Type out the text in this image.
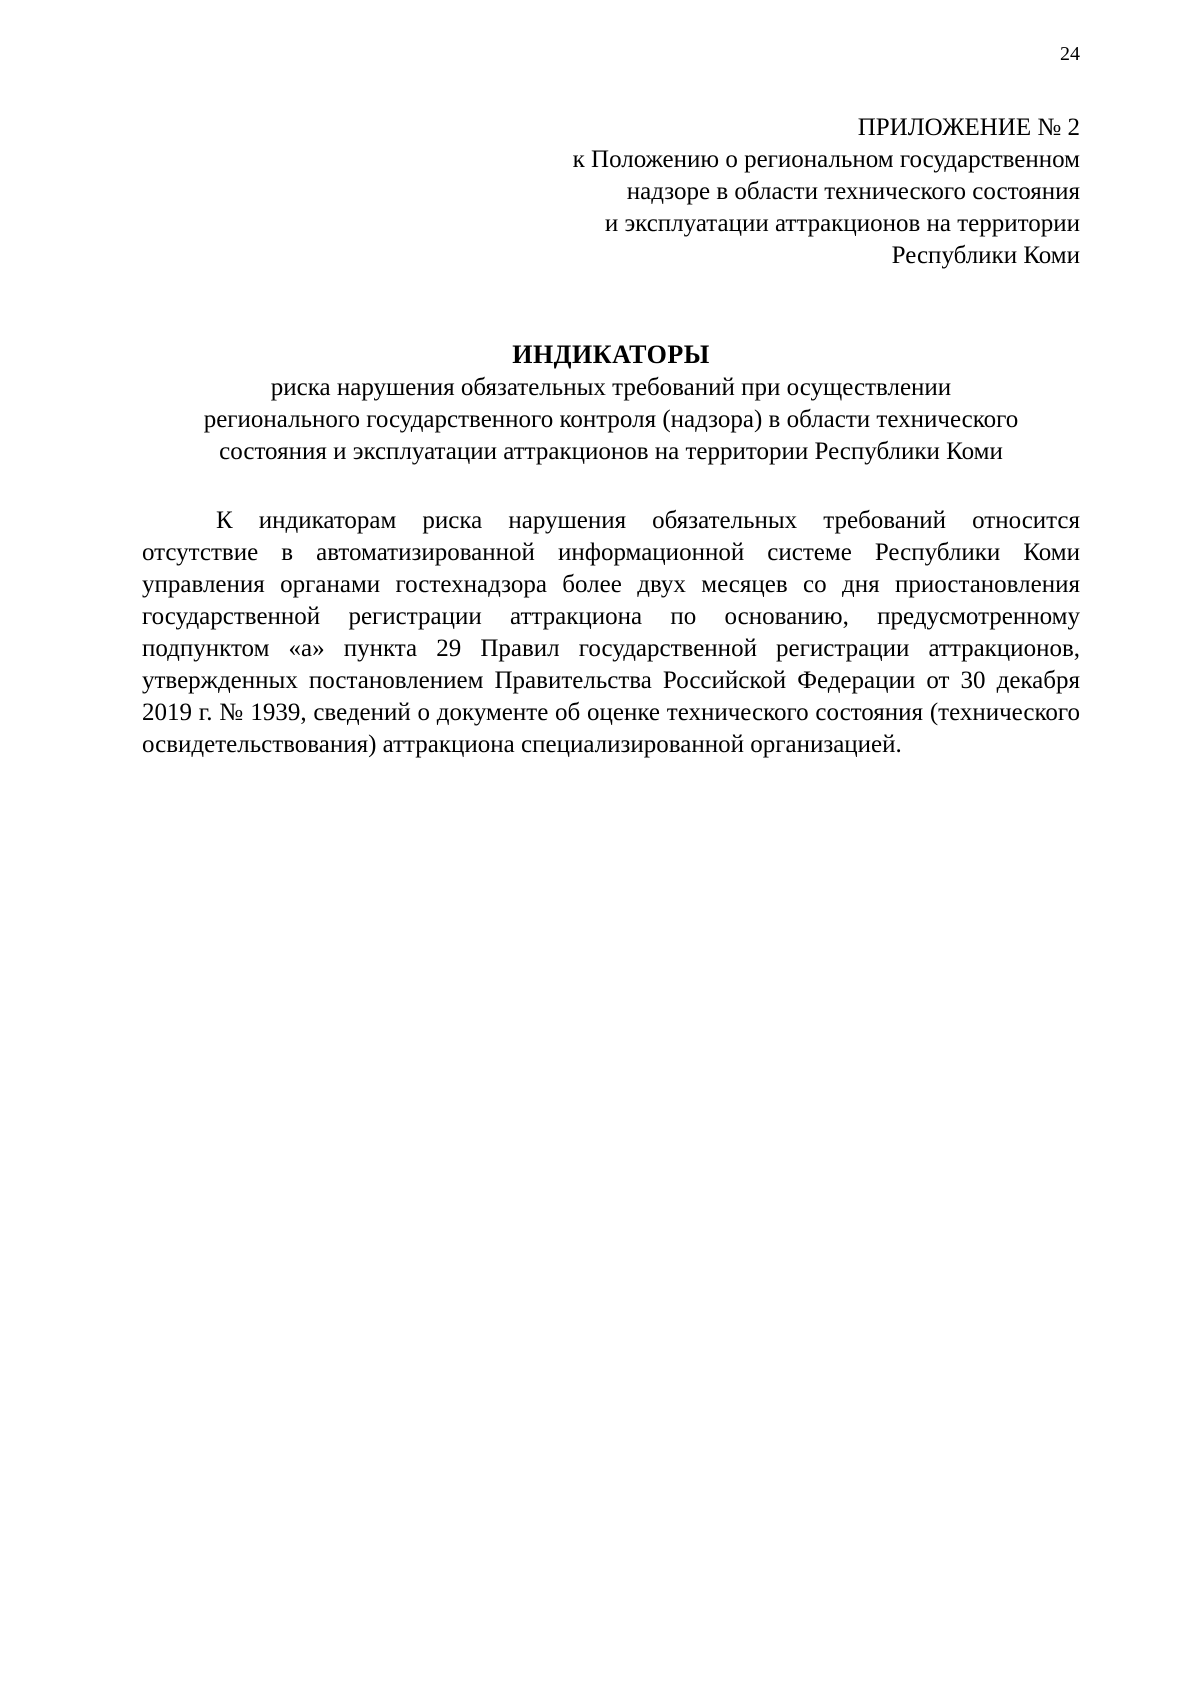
24
ПРИЛОЖЕНИЕ № 2
к Положению о региональном государственном
надзоре в области технического состояния
и эксплуатации аттракционов на территории
Республики Коми
ИНДИКАТОРЫ
риска нарушения обязательных требований при осуществлении
регионального государственного контроля (надзора) в области технического
состояния и эксплуатации аттракционов на территории Республики Коми

К индикаторам риска нарушения обязательных требований относится отсутствие в автоматизированной информационной системе Республики Коми управления органами гостехнадзора более двух месяцев со дня приостановления государственной регистрации аттракциона по основанию, предусмотренному подпунктом «а» пункта 29 Правил государственной регистрации аттракционов, утвержденных постановлением Правительства Российской Федерации от 30 декабря 2019 г. № 1939, сведений о документе об оценке технического состояния (технического освидетельствования) аттракциона специализированной организацией.
